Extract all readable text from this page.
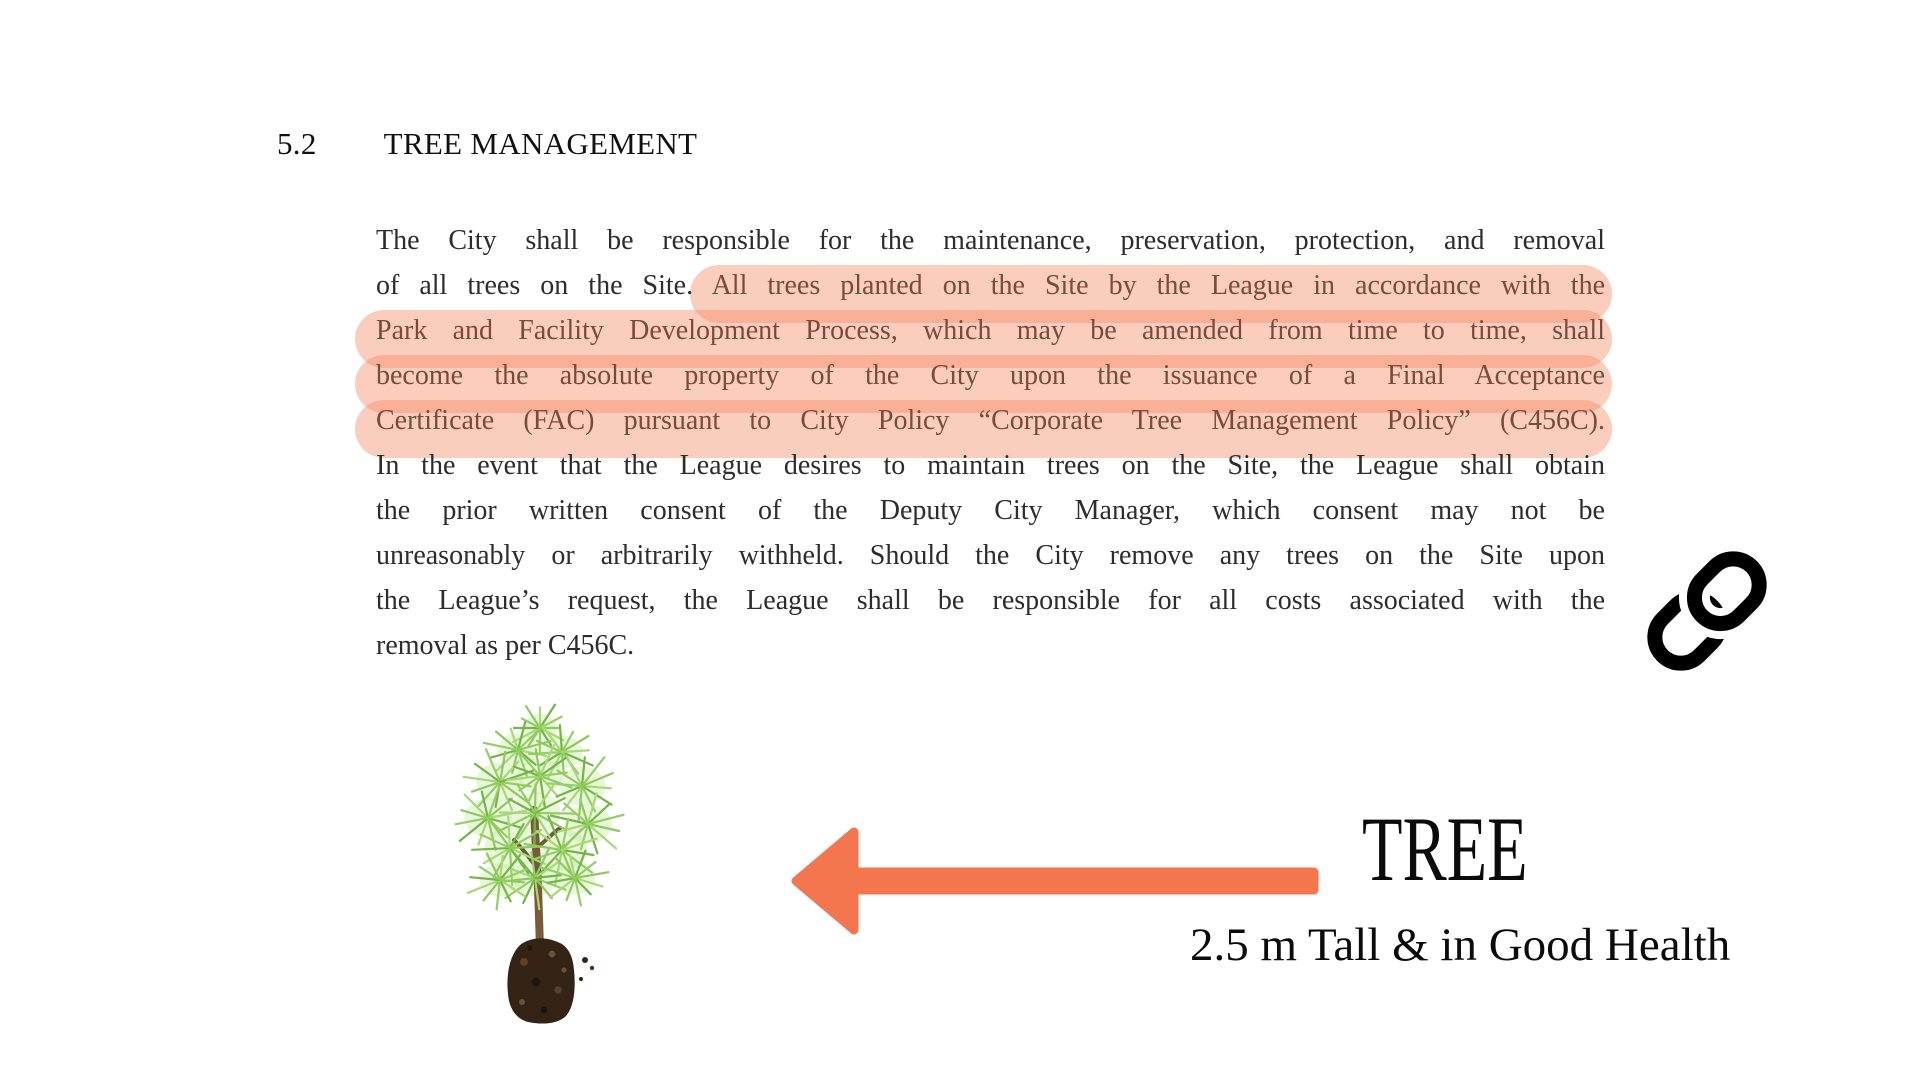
5.2 TREE MANAGEMENT
The City shall be responsible for the maintenance, preservation, protection, and removal
of all trees on the Site. All trees planted on the Site by the League in accordance with the
Park and Facility Development Process, which may be amended from time to time, shall
become the absolute property of the City upon the issuance of a Final Acceptance
Certificate (FAC) pursuant to City Policy “Corporate Tree Management Policy” (C456C).
In the event that the League desires to maintain trees on the Site, the League shall obtain
the prior written consent of the Deputy City Manager, which consent may not be
unreasonably or arbitrarily withheld. Should the City remove any trees on the Site upon
the League’s request, the League shall be responsible for all costs associated with the
removal as per C456C.
TREE
2.5 m Tall & in Good Health
